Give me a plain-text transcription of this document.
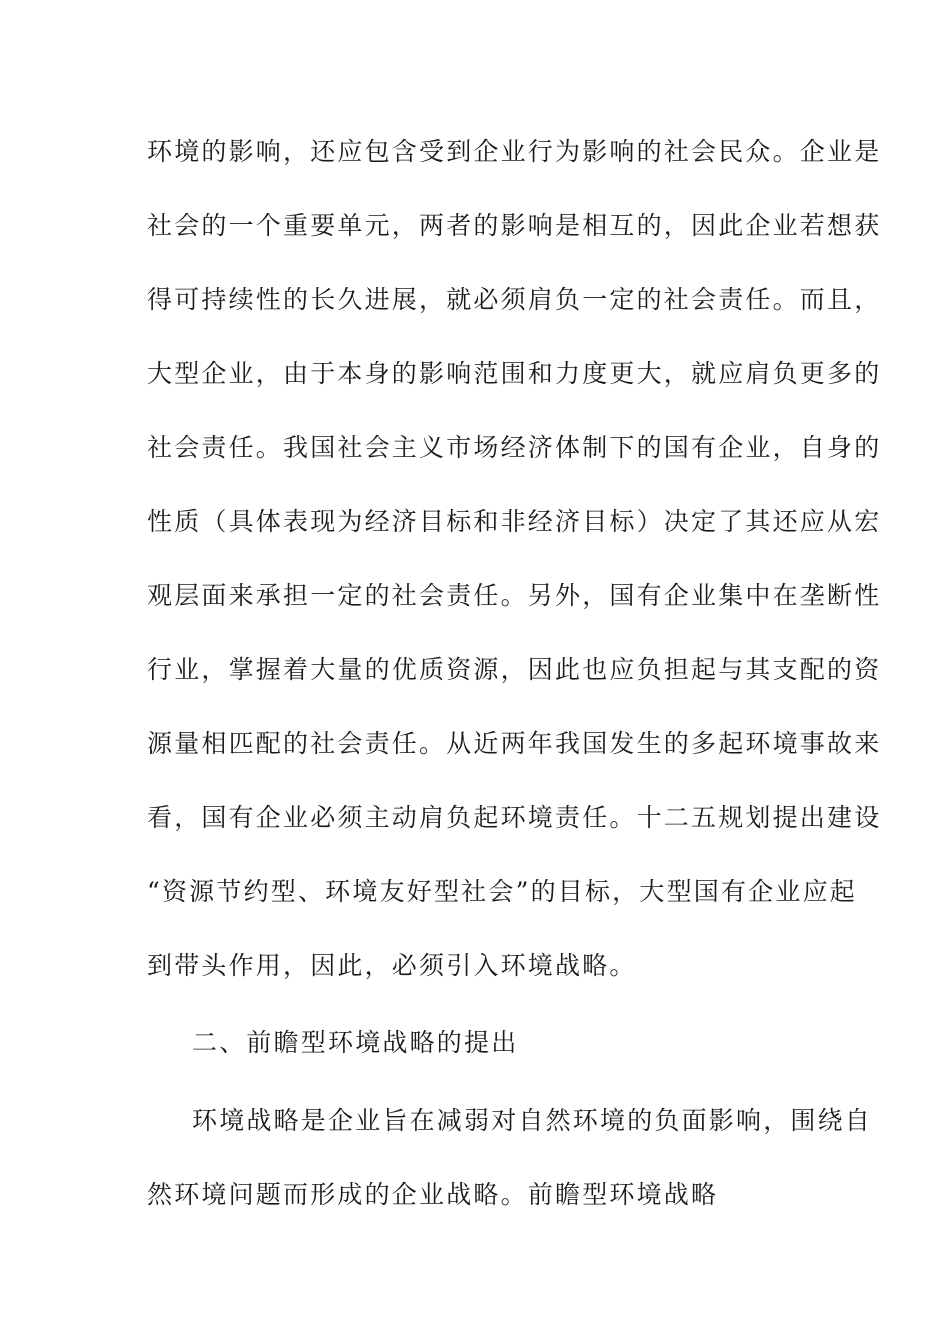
环境的影响，还应包含受到企业行为影响的社会民众。企业是
社会的一个重要单元，两者的影响是相互的，因此企业若想获
得可持续性的长久进展，就必须肩负一定的社会责任。而且，
大型企业，由于本身的影响范围和力度更大，就应肩负更多的
社会责任。我国社会主义市场经济体制下的国有企业，自身的
性质（具体表现为经济目标和非经济目标）决定了其还应从宏
观层面来承担一定的社会责任。另外，国有企业集中在垄断性
行业，掌握着大量的优质资源，因此也应负担起与其支配的资
源量相匹配的社会责任。从近两年我国发生的多起环境事故来
看，国有企业必须主动肩负起环境责任。十二五规划提出建设
“资源节约型、环境友好型社会”的目标，大型国有企业应起
到带头作用，因此，必须引入环境战略。
二、前瞻型环境战略的提出
环境战略是企业旨在减弱对自然环境的负面影响，围绕自
然环境问题而形成的企业战略。前瞻型环境战略
